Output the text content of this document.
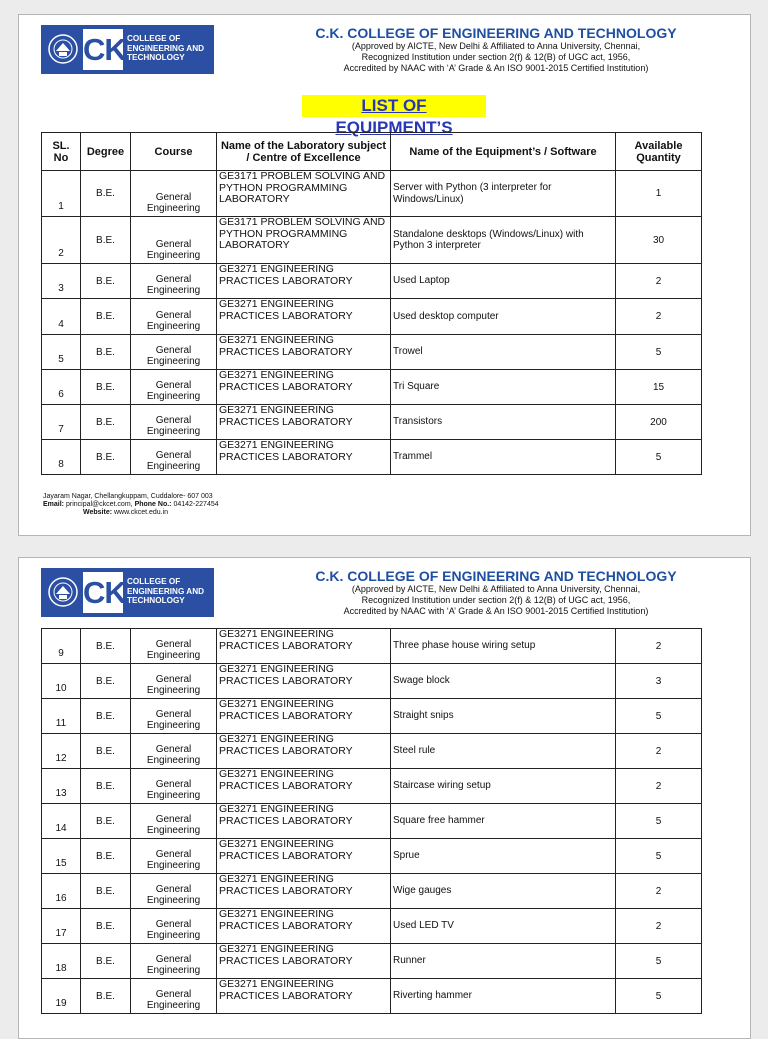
CK COLLEGE OF
ENGINEERING AND
TECHNOLOGY
C.K. COLLEGE OF ENGINEERING AND TECHNOLOGY
(Approved by AICTE, New Delhi & Affiliated to Anna University, Chennai,
Recognized Institution under section 2(f) & 12(B) of UGC act, 1956,
Accredited by NAAC with ‘A’ Grade & An ISO 9001-2015 Certified Institution)
LIST OF EQUIPMENT’S
SL. No	Degree	Course	Name of the Laboratory subject / Centre of Excellence	Name of the Equipment’s / Software	Available Quantity
1	B.E.	General Engineering	GE3171 PROBLEM SOLVING AND PYTHON PROGRAMMING LABORATORY	Server with Python (3 interpreter for Windows/Linux)	1
2	B.E.	General Engineering	GE3171 PROBLEM SOLVING AND PYTHON PROGRAMMING LABORATORY	Standalone desktops (Windows/Linux) with Python 3 interpreter	30
3	B.E.	General Engineering	GE3271 ENGINEERING PRACTICES LABORATORY	Used Laptop	2
4	B.E.	General Engineering	GE3271 ENGINEERING PRACTICES LABORATORY	Used desktop computer	2
5	B.E.	General Engineering	GE3271 ENGINEERING PRACTICES LABORATORY	Trowel	5
6	B.E.	General Engineering	GE3271 ENGINEERING PRACTICES LABORATORY	Tri Square	15
7	B.E.	General Engineering	GE3271 ENGINEERING PRACTICES LABORATORY	Transistors	200
8	B.E.	General Engineering	GE3271 ENGINEERING PRACTICES LABORATORY	Trammel	5
Jayaram Nagar, Chellangkuppam, Cuddalore- 607 003
Email: principal@ckcet.com, Phone No.: 04142-227454
Website: www.ckcet.edu.in
CK COLLEGE OF
ENGINEERING AND
TECHNOLOGY
C.K. COLLEGE OF ENGINEERING AND TECHNOLOGY
(Approved by AICTE, New Delhi & Affiliated to Anna University, Chennai,
Recognized Institution under section 2(f) & 12(B) of UGC act, 1956,
Accredited by NAAC with ‘A’ Grade & An ISO 9001-2015 Certified Institution)
9	B.E.	General Engineering	GE3271 ENGINEERING PRACTICES LABORATORY	Three phase house wiring setup	2
10	B.E.	General Engineering	GE3271 ENGINEERING PRACTICES LABORATORY	Swage block	3
11	B.E.	General Engineering	GE3271 ENGINEERING PRACTICES LABORATORY	Straight snips	5
12	B.E.	General Engineering	GE3271 ENGINEERING PRACTICES LABORATORY	Steel rule	2
13	B.E.	General Engineering	GE3271 ENGINEERING PRACTICES LABORATORY	Staircase wiring setup	2
14	B.E.	General Engineering	GE3271 ENGINEERING PRACTICES LABORATORY	Square free hammer	5
15	B.E.	General Engineering	GE3271 ENGINEERING PRACTICES LABORATORY	Sprue	5
16	B.E.	General Engineering	GE3271 ENGINEERING PRACTICES LABORATORY	Wige gauges	2
17	B.E.	General Engineering	GE3271 ENGINEERING PRACTICES LABORATORY	Used LED TV	2
18	B.E.	General Engineering	GE3271 ENGINEERING PRACTICES LABORATORY	Runner	5
19	B.E.	General Engineering	GE3271 ENGINEERING PRACTICES LABORATORY	Riverting hammer	5
